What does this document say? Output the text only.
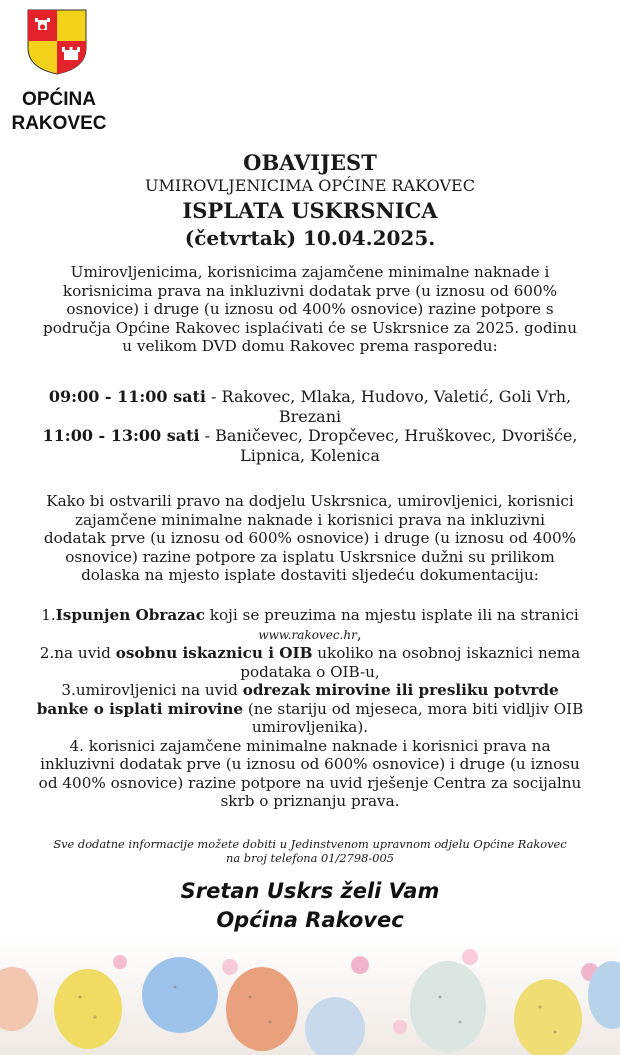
OPĆINA
RAKOVEC
OBAVIJEST
UMIROVLJENICIMA OPĆINE RAKOVEC
ISPLATA USKRSNICA
(četvrtak) 10.04.2025.
Umirovljenicima, korisnicima zajamčene minimalne naknade i
korisnicima prava na inkluzivni dodatak prve (u iznosu od 600%
osnovice) i druge (u iznosu od 400% osnovice) razine potpore s
područja Općine Rakovec isplaćivati će se Uskrsnice za 2025. godinu
u velikom DVD domu Rakovec prema rasporedu:
09:00 - 11:00 sati - Rakovec, Mlaka, Hudovo, Valetić, Goli Vrh,
Brezani
11:00 - 13:00 sati - Baničevec, Dropčevec, Hruškovec, Dvorišće,
Lipnica, Kolenica
Kako bi ostvarili pravo na dodjelu Uskrsnica, umirovljenici, korisnici
zajamčene minimalne naknade i korisnici prava na inkluzivni
dodatak prve (u iznosu od 600% osnovice) i druge (u iznosu od 400%
osnovice) razine potpore za isplatu Uskrsnice dužni su prilikom
dolaska na mjesto isplate dostaviti sljedeću dokumentaciju:
1.Ispunjen Obrazac koji se preuzima na mjestu isplate ili na stranici
www.rakovec.hr,
2.na uvid osobnu iskaznicu i OIB ukoliko na osobnoj iskaznici nema
podataka o OIB-u,
3.umirovljenici na uvid odrezak mirovine ili presliku potvrde
banke o isplati mirovine (ne stariju od mjeseca, mora biti vidljiv OIB
umirovljenika).
4. korisnici zajamčene minimalne naknade i korisnici prava na
inkluzivni dodatak prve (u iznosu od 600% osnovice) i druge (u iznosu
od 400% osnovice) razine potpore na uvid rješenje Centra za socijalnu
skrb o priznanju prava.
Sve dodatne informacije možete dobiti u Jedinstvenom upravnom odjelu Općine Rakovec
na broj telefona 01/2798-005
Sretan Uskrs želi Vam
Općina Rakovec
